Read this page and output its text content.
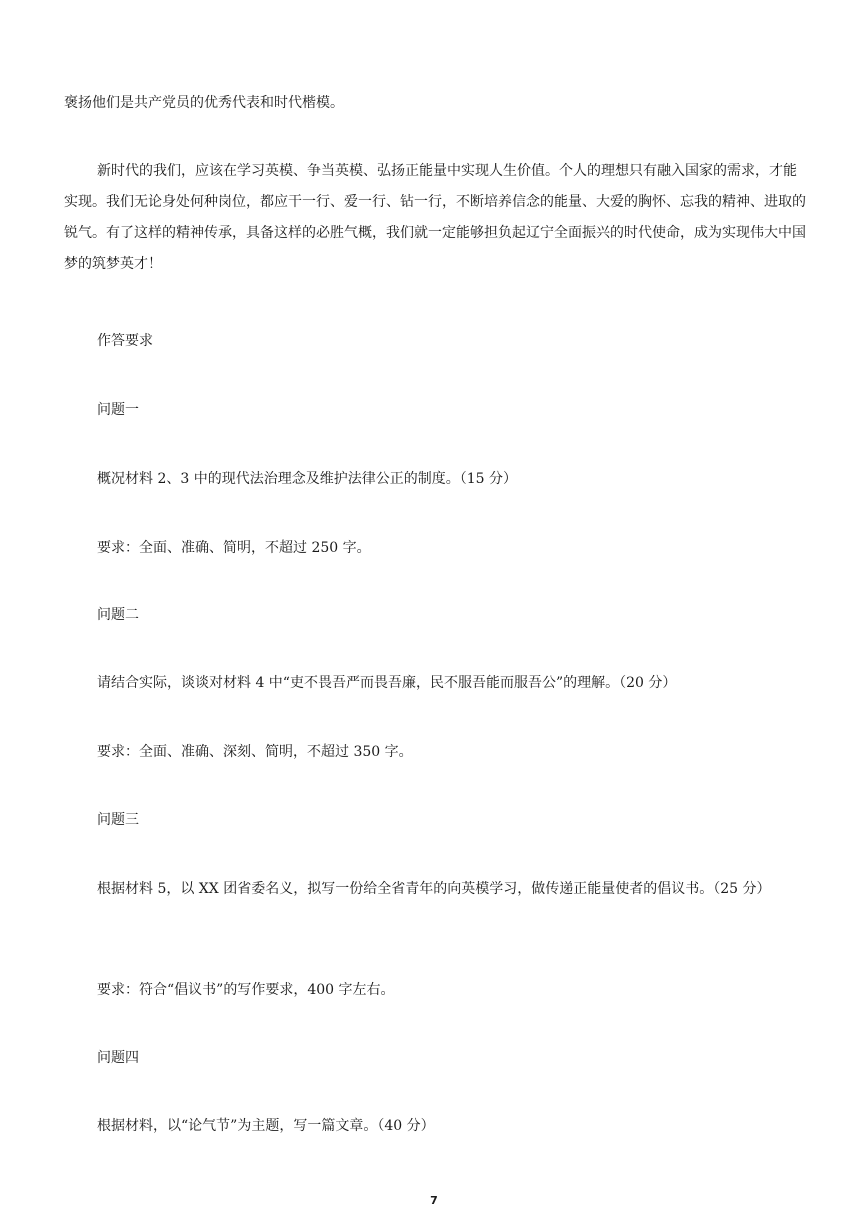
褒扬他们是共产党员的优秀代表和时代楷模。

新时代的我们，应该在学习英模、争当英模、弘扬正能量中实现人生价值。个人的理想只有融入国家的需求，才能实现。我们无论身处何种岗位，都应干一行、爱一行、钻一行，不断培养信念的能量、大爱的胸怀、忘我的精神、进取的锐气。有了这样的精神传承，具备这样的必胜气概，我们就一定能够担负起辽宁全面振兴的时代使命，成为实现伟大中国梦的筑梦英才！

作答要求

问题一

概况材料 2、3 中的现代法治理念及维护法律公正的制度。（15 分）

要求：全面、准确、简明，不超过 250 字。

问题二

请结合实际，谈谈对材料 4 中“吏不畏吾严而畏吾廉，民不服吾能而服吾公”的理解。（20 分）

要求：全面、准确、深刻、简明，不超过 350 字。

问题三

根据材料 5，以 XX 团省委名义，拟写一份给全省青年的向英模学习，做传递正能量使者的倡议书。（25 分）

要求：符合“倡议书”的写作要求，400 字左右。

问题四

根据材料，以“论气节”为主题，写一篇文章。（40 分）

7
